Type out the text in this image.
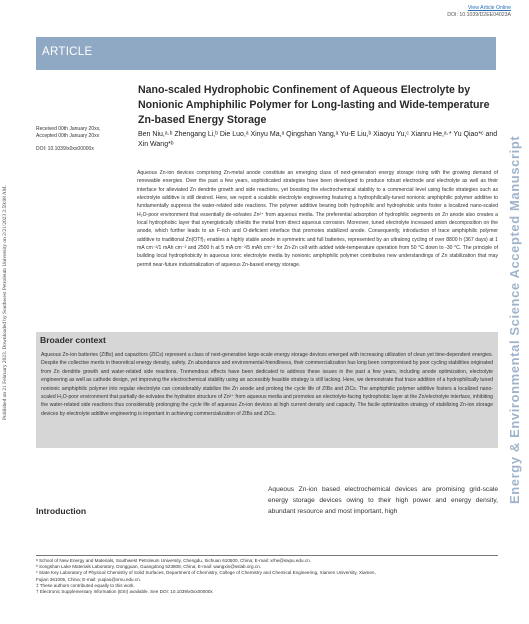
View Article Online
DOI: 10.1039/D2EE04023A
ARTICLE
Published on 21 February 2023. Downloaded by Southwest Petroleum University on 2/21/2023 2:59:08 AM.	Energy & Environmental Science Accepted Manuscript
Received 00th January 20xx,
Accepted 00th January 20xx
DOI: 10.1039/x0xx00000x
Nano-scaled Hydrophobic Confinement of Aqueous Electrolyte by Nonionic Amphiphilic Polymer for Long-lasting and Wide-temperature Zn-based Energy Storage
Ben Niu,ᵃ·ᵇ Zhengang Li,ᵇ Die Luo,ᵃ Xinyu Ma,ᵃ Qingshan Yang,ᵃ Yu-E Liu,ᵇ Xiaoyu Yu,ᶜ Xianru He,ᵃ·* Yu Qiao*ᶜ and Xin Wang*ᵇ
Aqueous Zn-ion devices comprising Zn-metal anode constitute an emerging class of next-generation energy storage rising with the growing demand of renewable energies. Over the past a few years, sophisticated strategies have been developed to produce robust electrode and electrolyte as well as their interface for alleviated Zn dendrite growth and side reactions, yet boosting the electrochemical stability to a commercial level using facile strategies such as electrolyte additive is still desired. Here, we report a scalable electrolyte engineering featuring a hydrophilically-tuned nonionic amphiphilic polymer additive to fundamentally suppress the water-related side reactions. The polymer additive bearing both hydrophilic and hydrophobic units foster a localized nano-scaled H₂O-poor environment that essentially de-solvates Zn²⁺ from aqueous media. The preferential adsorption of hydrophilic segments on Zn anode also creates a local hydrophobic layer that synergistically shields the metal from direct aqueous corrosion. Moreover, tuned electrolyte increased anion decomposition on the anode, which further leads to an F-rich and O-deficient interface that promotes stabilized anode. Consequently, introduction of trace amphiphilic polymer additive to traditional Zn(OTf)₂ enables a highly stable anode in symmetric and full batteries, represented by an ultralong cycling of over 8800 h (367 days) at 1 mA cm⁻²/1 mAh cm⁻² and 2500 h at 5 mA cm⁻²/5 mAh cm⁻² for Zn-Zn cell with added wide-temperature operation from 50 °C down to -30 °C. The principle of building local hydrophobicity in aqueous ionic electrolyte media by nonionic amphiphilic polymer contributes new understandings of Zn stabilization that may permit near-future industrialization of aqueous Zn-based energy storage.
Broader context

Aqueous Zn-ion batteries (ZIBs) and capacitors (ZICs) represent a class of next-generation large-scale energy storage devices emerged with increasing utilization of clean yet time-dependent energies. Despite the collective merits in theoretical energy density, safety, Zn abundance and environmental-friendliness, their commercialization has long been compromised by poor cycling stabilities originated from Zn dendrite growth and water-related side reactions. Tremendous effects have been dedicated to address these issues in the past a few years, including anode optimization, electrolyte engineering as well as cathode design, yet improving the electrochemical stability using an accessibly feasible strategy is still lacking. Here, we demonstrate that trace addition of a hydrophilically tuned nonionic amphiphilic polymer into regular electrolyte can considerably stabilize the Zn anode and prolong the cycle life of ZIBs and ZICs. The amphiphilic polymer additive fosters a localized nano-scaled H₂O-poor environment that partially de-solvates the hydration structure of Zn²⁺ from aqueous media and promotes an electrolyte-facing hydrophobic layer at the Zn/electrolyte interface, inhibiting the water-related side reactions thus considerably prolonging the cycle life of aqueous Zn-ion devices at high current density and capacity. The facile optimization strategy of stabilizing Zn-ion storage devices by electrolyte additive engineering is important in achieving commercialization of ZIBs and ZICs.

Introduction
Aqueous Zn-ion based electrochemical devices are promising grid-scale energy storage devices owing to their high power and energy density, abundant resource and most important, high
ᵃ School of New Energy and Materials, Southwest Petroleum University, Chengdu, Sichuan 610500, China; E-mail: xrhe@swpu.edu.cn.
ᵇ Songshan Lake Materials Laboratory, Dongguan, Guangdong 523808, China; E-mail: wangxin@sslab.org.cn.
ᶜ State Key Laboratory of Physical Chemistry of Solid Surfaces, Department of Chemistry, College of Chemistry and Chemical Engineering, Xiamen University, Xiamen,
Fujian 361005, China; E-mail: yuqiao@xmu.edu.cn.
‡ These authors contributed equally to this work.
† Electronic Supplementary Information (ESI) available. See DOI: 10.1039/x0xx00000x
